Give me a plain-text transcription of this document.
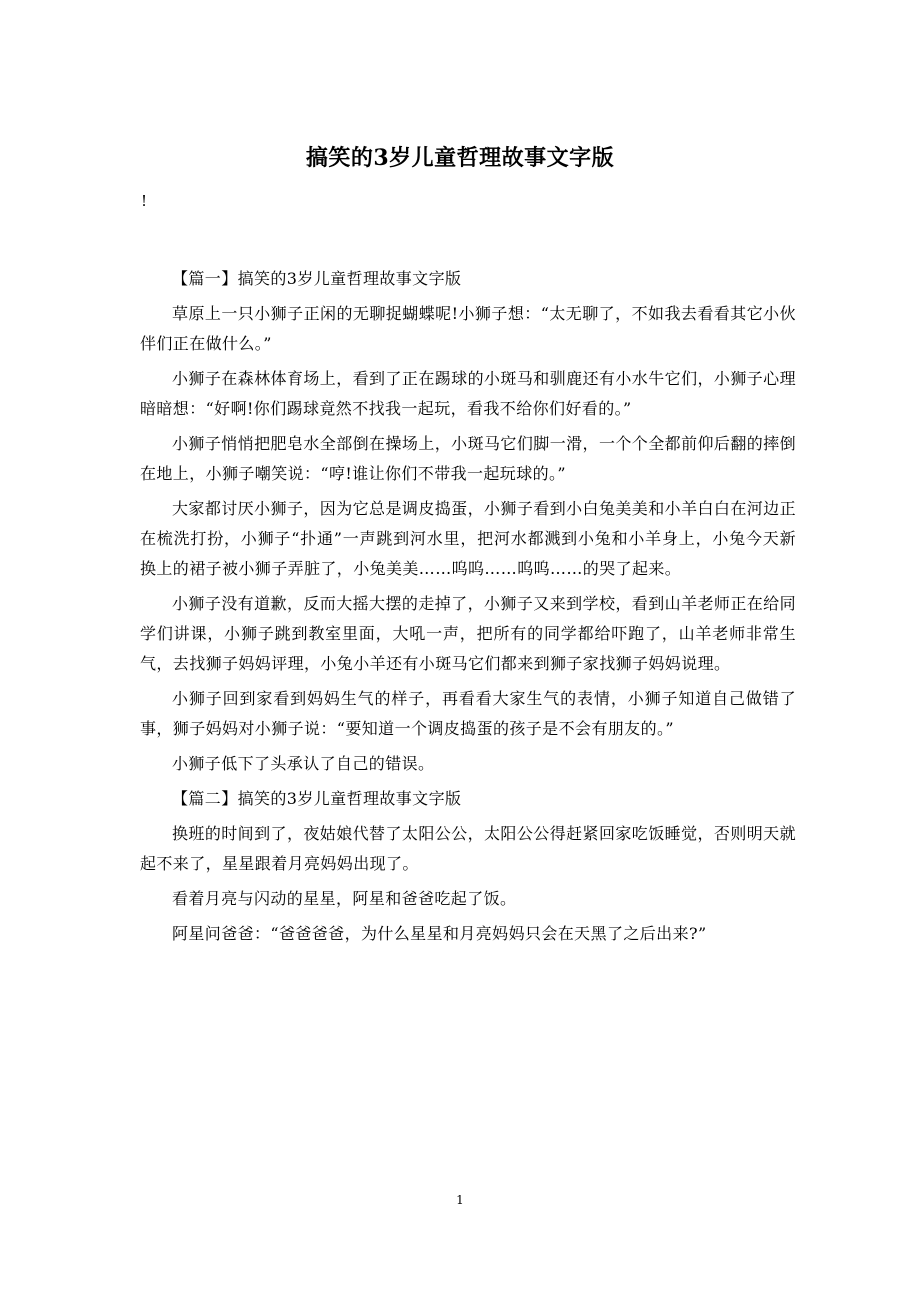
搞笑的3岁儿童哲理故事文字版
!

【篇一】搞笑的3岁儿童哲理故事文字版

草原上一只小狮子正闲的无聊捉蝴蝶呢!小狮子想：“太无聊了，不如我去看看其它小伙伴们正在做什么。”

小狮子在森林体育场上，看到了正在踢球的小斑马和驯鹿还有小水牛它们，小狮子心理暗暗想：“好啊!你们踢球竟然不找我一起玩，看我不给你们好看的。”

小狮子悄悄把肥皂水全部倒在操场上，小斑马它们脚一滑，一个个全都前仰后翻的摔倒在地上，小狮子嘲笑说：“哼!谁让你们不带我一起玩球的。”

大家都讨厌小狮子，因为它总是调皮捣蛋，小狮子看到小白兔美美和小羊白白在河边正在梳洗打扮，小狮子“扑通”一声跳到河水里，把河水都溅到小兔和小羊身上，小兔今天新换上的裙子被小狮子弄脏了，小兔美美……呜呜……呜呜……的哭了起来。

小狮子没有道歉，反而大摇大摆的走掉了，小狮子又来到学校，看到山羊老师正在给同学们讲课，小狮子跳到教室里面，大吼一声，把所有的同学都给吓跑了，山羊老师非常生气，去找狮子妈妈评理，小兔小羊还有小斑马它们都来到狮子家找狮子妈妈说理。

小狮子回到家看到妈妈生气的样子，再看看大家生气的表情，小狮子知道自己做错了事，狮子妈妈对小狮子说：“要知道一个调皮捣蛋的孩子是不会有朋友的。”

小狮子低下了头承认了自己的错误。

【篇二】搞笑的3岁儿童哲理故事文字版

换班的时间到了，夜姑娘代替了太阳公公，太阳公公得赶紧回家吃饭睡觉，否则明天就起不来了，星星跟着月亮妈妈出现了。

看着月亮与闪动的星星，阿星和爸爸吃起了饭。

阿星问爸爸：“爸爸爸爸，为什么星星和月亮妈妈只会在天黑了之后出来?”

1
